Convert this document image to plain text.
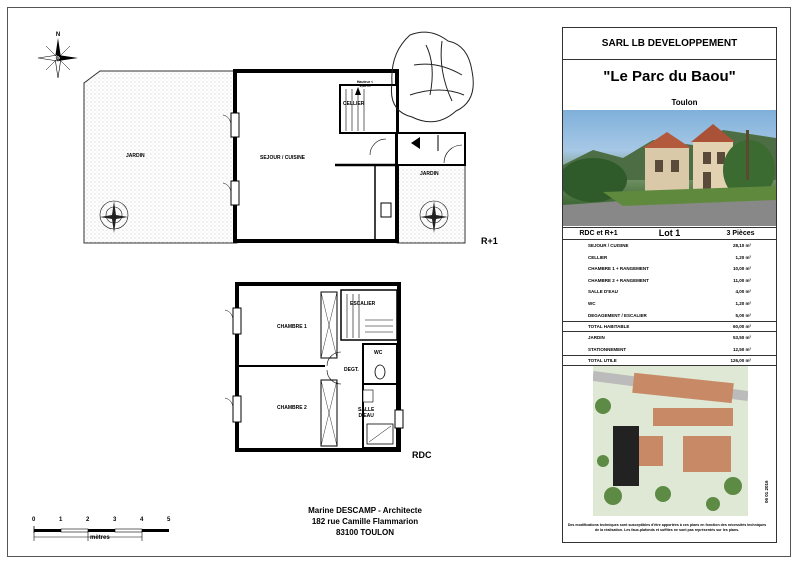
N
JARDIN
JARDIN
SEJOUR / CUISINE
CELLIER
Hauteur < 1,80 m
R+1
CHAMBRE 1
CHAMBRE 2
ESCALIER
WC
DEGT.
SALLE
D'EAU
RDC
0	1	2	3	4	5
mètres
Marine DESCAMP - Architecte
182 rue Camille Flammarion
83100 TOULON
SARL LB DEVELOPPEMENT
"Le Parc du Baou"
Toulon
RDC et R+1	Lot 1	3 Pièces
SEJOUR / CUISINE	28,10 m²
CELLIER	1,20 m²
CHAMBRE 1 + RANGEMENT	10,00 m²
CHAMBRE 2 + RANGEMENT	11,00 m²
SALLE D'EAU	4,00 m²
WC	1,20 m²
DEGAGEMENT / ESCALIER	5,00 m²
TOTAL HABITABLE	60,00 m²
JARDIN	53,50 m²
STATIONNEMENT	12,50 m²
TOTAL UTILE	126,00 m²
06 01 2016
Des modifications techniques sont susceptibles d'être apportées à ces plans en fonction des nécessités techniques de la réalisation. Les faux-plafonds et soffites ne sont pas représentés sur les plans.
